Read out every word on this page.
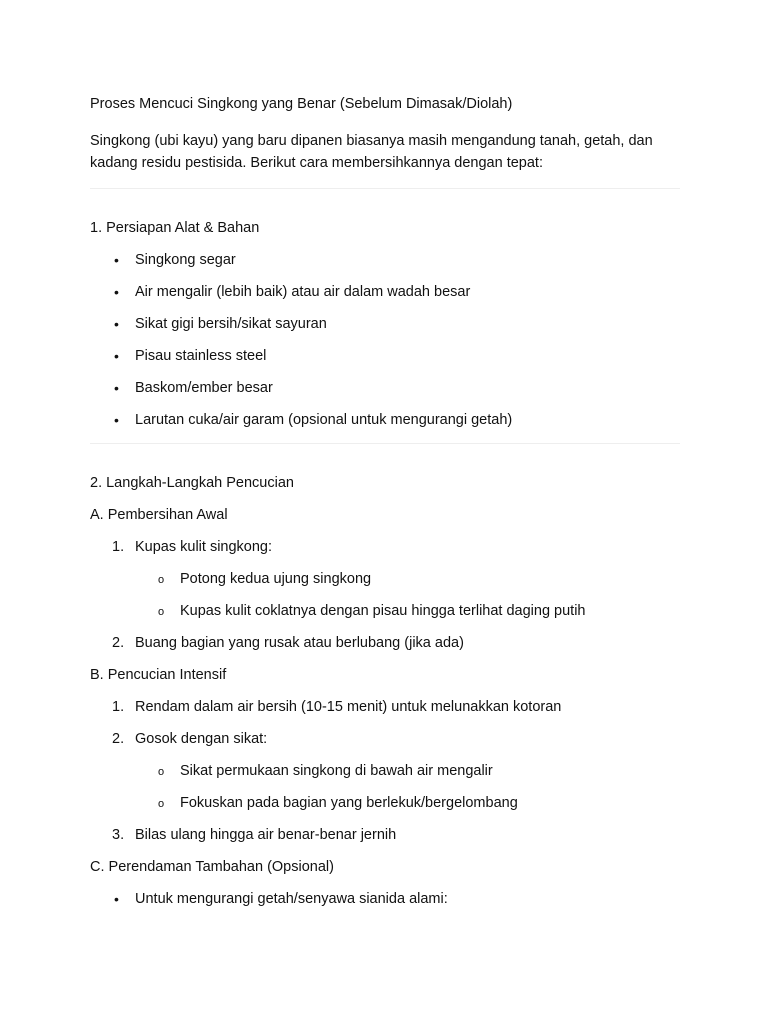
Proses Mencuci Singkong yang Benar (Sebelum Dimasak/Diolah)

Singkong (ubi kayu) yang baru dipanen biasanya masih mengandung tanah, getah, dan kadang residu pestisida. Berikut cara membersihkannya dengan tepat:

1. Persiapan Alat & Bahan

• Singkong segar
• Air mengalir (lebih baik) atau air dalam wadah besar
• Sikat gigi bersih/sikat sayuran
• Pisau stainless steel
• Baskom/ember besar
• Larutan cuka/air garam (opsional untuk mengurangi getah)

2. Langkah-Langkah Pencucian

A. Pembersihan Awal

1. Kupas kulit singkong:
o Potong kedua ujung singkong
o Kupas kulit coklatnya dengan pisau hingga terlihat daging putih
2. Buang bagian yang rusak atau berlubang (jika ada)

B. Pencucian Intensif

1. Rendam dalam air bersih (10-15 menit) untuk melunakkan kotoran
2. Gosok dengan sikat:
o Sikat permukaan singkong di bawah air mengalir
o Fokuskan pada bagian yang berlekuk/bergelombang
3. Bilas ulang hingga air benar-benar jernih

C. Perendaman Tambahan (Opsional)

• Untuk mengurangi getah/senyawa sianida alami:
